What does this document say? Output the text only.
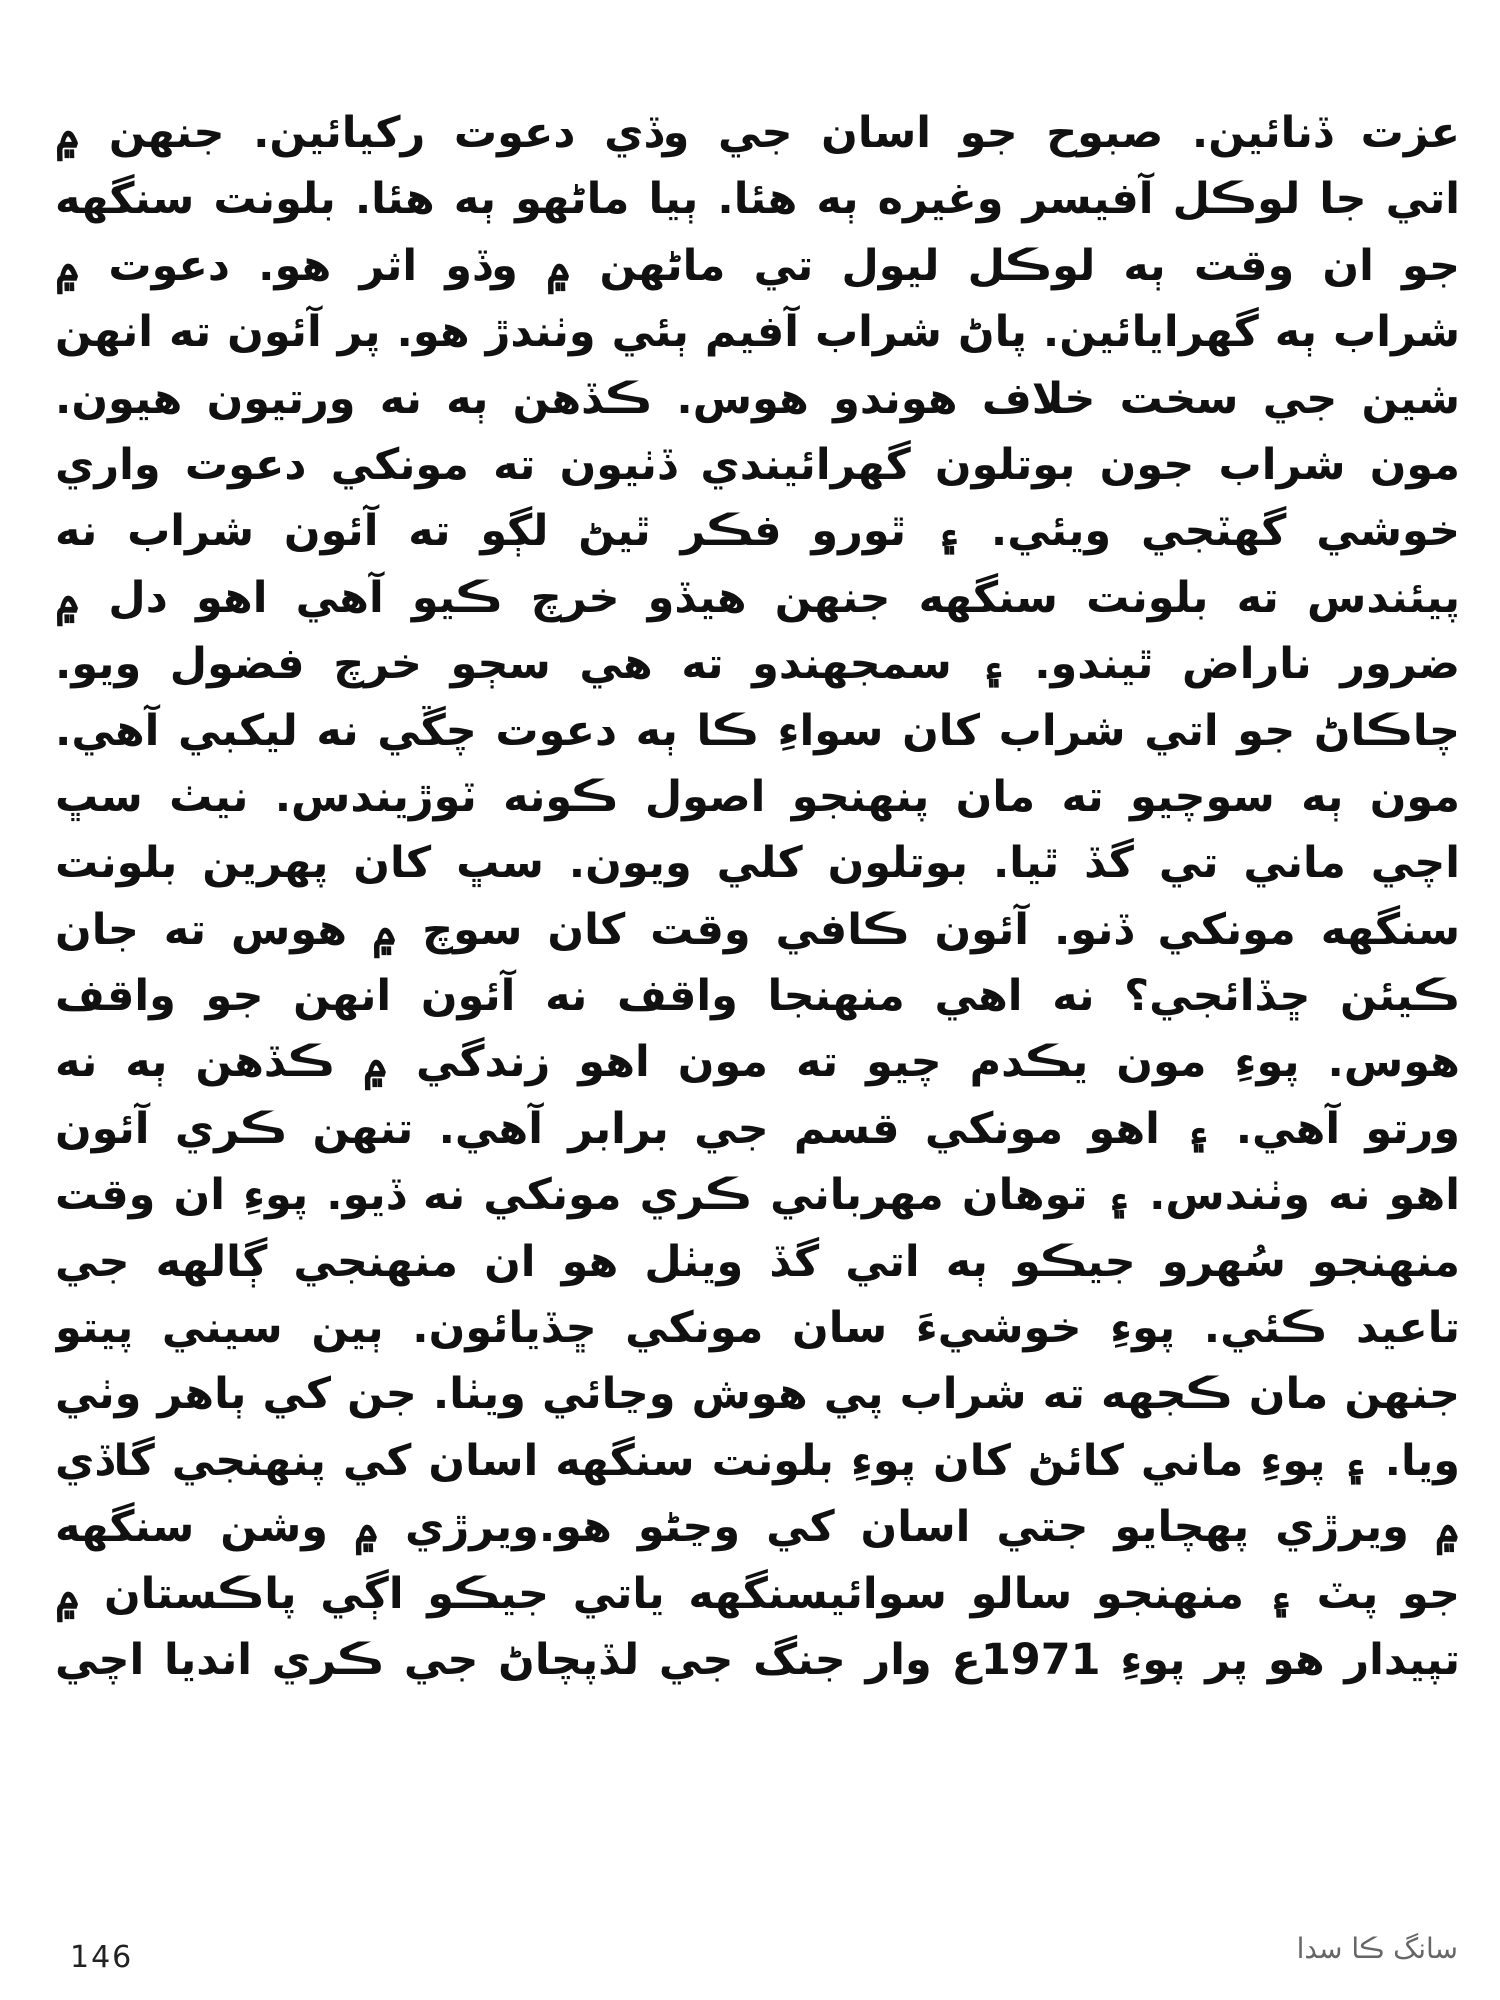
عزت ڏنائين. صبوح جو اسان جي وڏي دعوت رکيائين. جنهن ۾
اتي جا لوڪل آفيسر وغيره ٻه هئا. ٻيا ماڻهو ٻه هئا. بلونت سنگهه
جو ان وقت ٻه لوڪل ليول تي ماڻهن ۾ وڏو اثر هو. دعوت ۾
شراب ٻه گهرايائين. پاڻ شراب آفيم ٻئي وٺندڙ هو. پر آئون ته انهن
شين جي سخت خلاف هوندو هوس. ڪڏهن ٻه نه ورتيون هيون.
مون شراب جون بوتلون گهرائيندي ڏٺيون ته مونکي دعوت واري
خوشي گهٽجي ويئي. ۽ ٿورو فڪر ٿيڻ لڳو ته آئون شراب نه
پيئندس ته بلونت سنگهه جنهن هيڏو خرچ ڪيو آهي اهو دل ۾
ضرور ناراض ٿيندو. ۽ سمجهندو ته هي سڄو خرچ فضول ويو.
چاڪاڻ جو اتي شراب کان سواءِ ڪا ٻه دعوت چڱي نه ليکبي آهي.
مون ٻه سوچيو ته مان پنهنجو اصول ڪونه ٽوڙيندس. نيٺ سڀ
اچي ماني تي گڏ ٿيا. بوتلون کلي ويون. سڀ کان پهرين بلونت
سنگهه مونکي ڏنو. آئون ڪافي وقت کان سوچ ۾ هوس ته جان
ڪيئن ڇڏائجي؟ نه اهي منهنجا واقف نه آئون انهن جو واقف
هوس. پوءِ مون يڪدم چيو ته مون اهو زندگي ۾ ڪڏهن ٻه نه
ورتو آهي. ۽ اهو مونکي قسم جي برابر آهي. تنهن ڪري آئون
اهو نه وٺندس. ۽ توهان مهرباني ڪري مونکي نه ڏيو. پوءِ ان وقت
منهنجو سُهرو جيڪو ٻه اتي گڏ ويٺل هو ان منهنجي ڳالهه جي
تاعيد ڪئي. پوءِ خوشيءَ سان مونکي ڇڏيائون. ٻين سيني پيتو
جنهن مان ڪجهه ته شراب پي هوش وڃائي ويٺا. جن کي ٻاهر وٺي
ويا. ۽ پوءِ ماني کائڻ کان پوءِ بلونت سنگهه اسان کي پنهنجي گاڏي
۾ ويرڙي پهچايو جتي اسان کي وڃڻو هو.ويرڙي ۾ وشن سنگهه
جو پٽ ۽ منهنجو سالو سوائيسنگهه ياتي جيڪو اڳي پاڪستان ۾
تپيدار هو پر پوءِ 1971ع وار جنگ جي لڏپچاڻ جي ڪري انديا اچي
146	سانگ ڪا سدا
